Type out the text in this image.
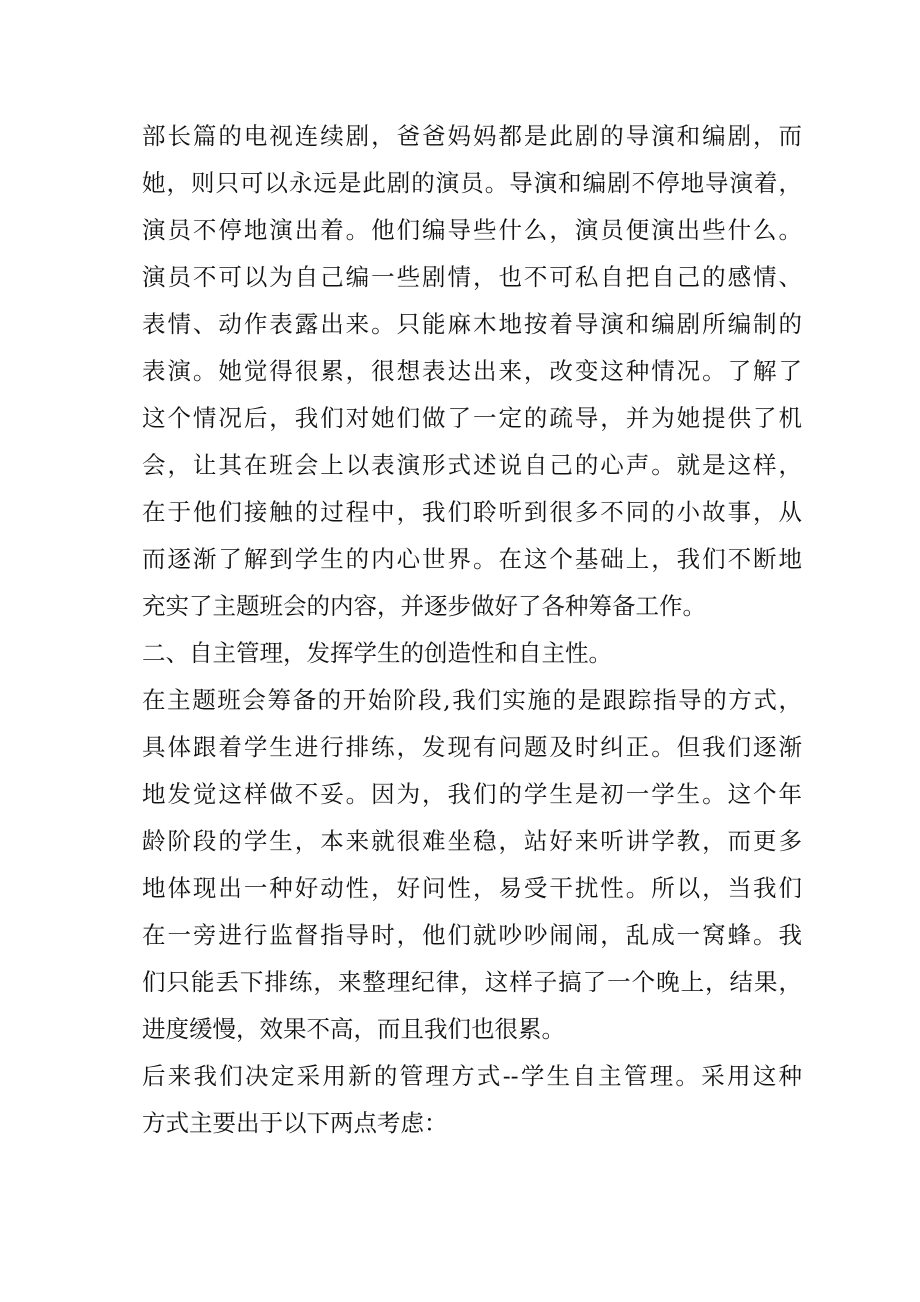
部长篇的电视连续剧，爸爸妈妈都是此剧的导演和编剧，而
她，则只可以永远是此剧的演员。导演和编剧不停地导演着，
演员不停地演出着。他们编导些什么，演员便演出些什么。
演员不可以为自己编一些剧情，也不可私自把自己的感情、
表情、动作表露出来。只能麻木地按着导演和编剧所编制的
表演。她觉得很累，很想表达出来，改变这种情况。了解了
这个情况后，我们对她们做了一定的疏导，并为她提供了机
会，让其在班会上以表演形式述说自己的心声。就是这样，
在于他们接触的过程中，我们聆听到很多不同的小故事，从
而逐渐了解到学生的内心世界。在这个基础上，我们不断地
充实了主题班会的内容，并逐步做好了各种筹备工作。
二、自主管理，发挥学生的创造性和自主性。
在主题班会筹备的开始阶段,我们实施的是跟踪指导的方式，
具体跟着学生进行排练，发现有问题及时纠正。但我们逐渐
地发觉这样做不妥。因为，我们的学生是初一学生。这个年
龄阶段的学生，本来就很难坐稳，站好来听讲学教，而更多
地体现出一种好动性，好问性，易受干扰性。所以，当我们
在一旁进行监督指导时，他们就吵吵闹闹，乱成一窝蜂。我
们只能丢下排练，来整理纪律，这样子搞了一个晚上，结果，
进度缓慢，效果不高，而且我们也很累。
后来我们决定采用新的管理方式--学生自主管理。采用这种
方式主要出于以下两点考虑：
